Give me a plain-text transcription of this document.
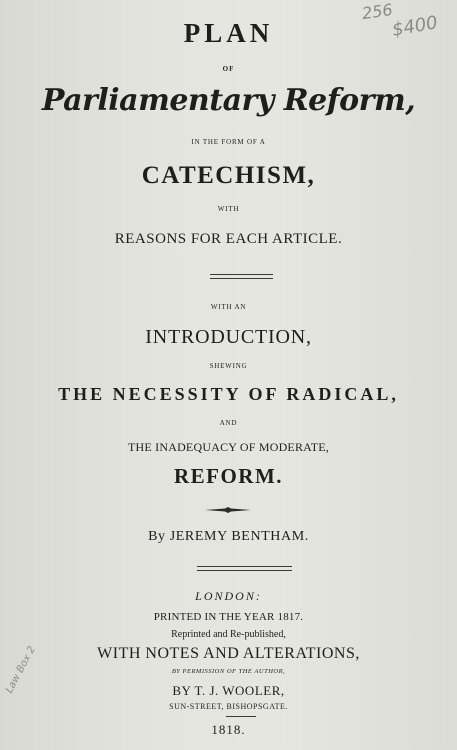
256
$400
Law Box 2
PLAN
OF
Parliamentary Reform,
IN THE FORM OF A
CATECHISM,
WITH
REASONS FOR EACH ARTICLE.
WITH AN
INTRODUCTION,
SHEWING
THE NECESSITY OF RADICAL,
AND
THE INADEQUACY OF MODERATE,
REFORM.
By JEREMY BENTHAM.
LONDON:
PRINTED IN THE YEAR 1817.
Reprinted and Re-published,
WITH NOTES AND ALTERATIONS,
BY PERMISSION OF THE AUTHOR,
BY T. J. WOOLER,
SUN-STREET, BISHOPSGATE.
1818.
